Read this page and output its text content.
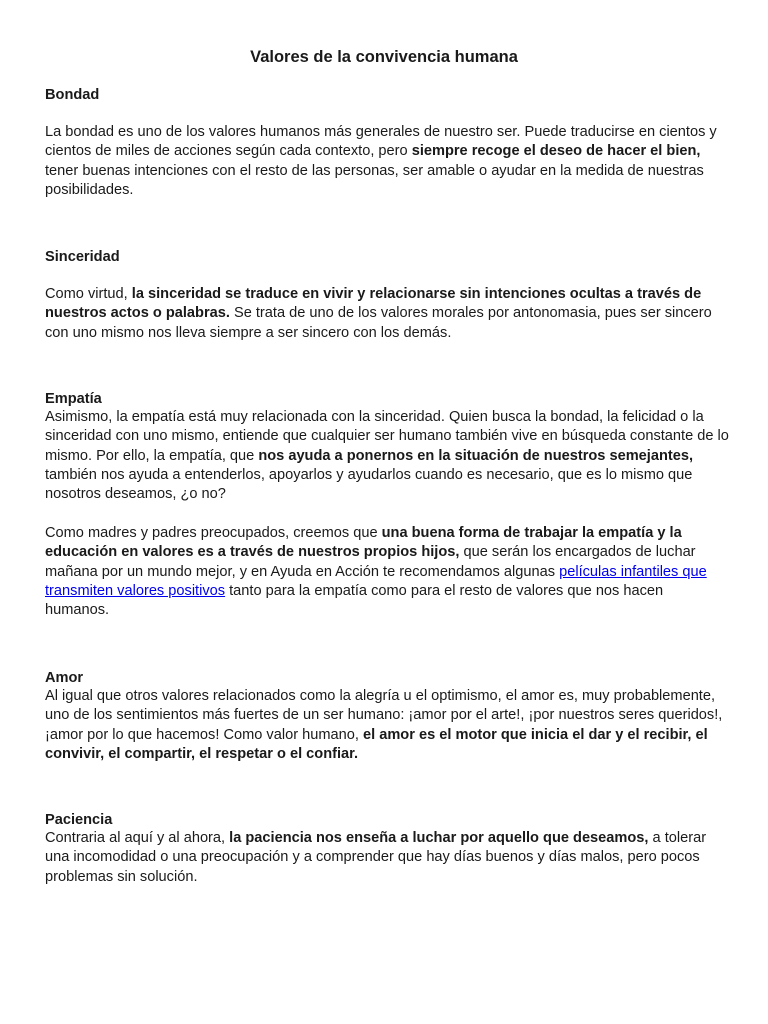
Valores de la convivencia humana
Bondad

La bondad es uno de los valores humanos más generales de nuestro ser. Puede traducirse en cientos y cientos de miles de acciones según cada contexto, pero siempre recoge el deseo de hacer el bien, tener buenas intenciones con el resto de las personas, ser amable o ayudar en la medida de nuestras posibilidades.

Sinceridad

Como virtud, la sinceridad se traduce en vivir y relacionarse sin intenciones ocultas a través de nuestros actos o palabras. Se trata de uno de los valores morales por antonomasia, pues ser sincero con uno mismo nos lleva siempre a ser sincero con los demás.

Empatía

Asimismo, la empatía está muy relacionada con la sinceridad. Quien busca la bondad, la felicidad o la sinceridad con uno mismo, entiende que cualquier ser humano también vive en búsqueda constante de lo mismo. Por ello, la empatía, que nos ayuda a ponernos en la situación de nuestros semejantes, también nos ayuda a entenderlos, apoyarlos y ayudarlos cuando es necesario, que es lo mismo que nosotros deseamos, ¿o no?

Como madres y padres preocupados, creemos que una buena forma de trabajar la empatía y la educación en valores es a través de nuestros propios hijos, que serán los encargados de luchar mañana por un mundo mejor, y en Ayuda en Acción te recomendamos algunas películas infantiles que transmiten valores positivos tanto para la empatía como para el resto de valores que nos hacen humanos.

Amor

Al igual que otros valores relacionados como la alegría u el optimismo, el amor es, muy probablemente, uno de los sentimientos más fuertes de un ser humano: ¡amor por el arte!, ¡por nuestros seres queridos!, ¡amor por lo que hacemos! Como valor humano, el amor es el motor que inicia el dar y el recibir, el convivir, el compartir, el respetar o el confiar.

Paciencia

Contraria al aquí y al ahora, la paciencia nos enseña a luchar por aquello que deseamos, a tolerar una incomodidad o una preocupación y a comprender que hay días buenos y días malos, pero pocos problemas sin solución.
